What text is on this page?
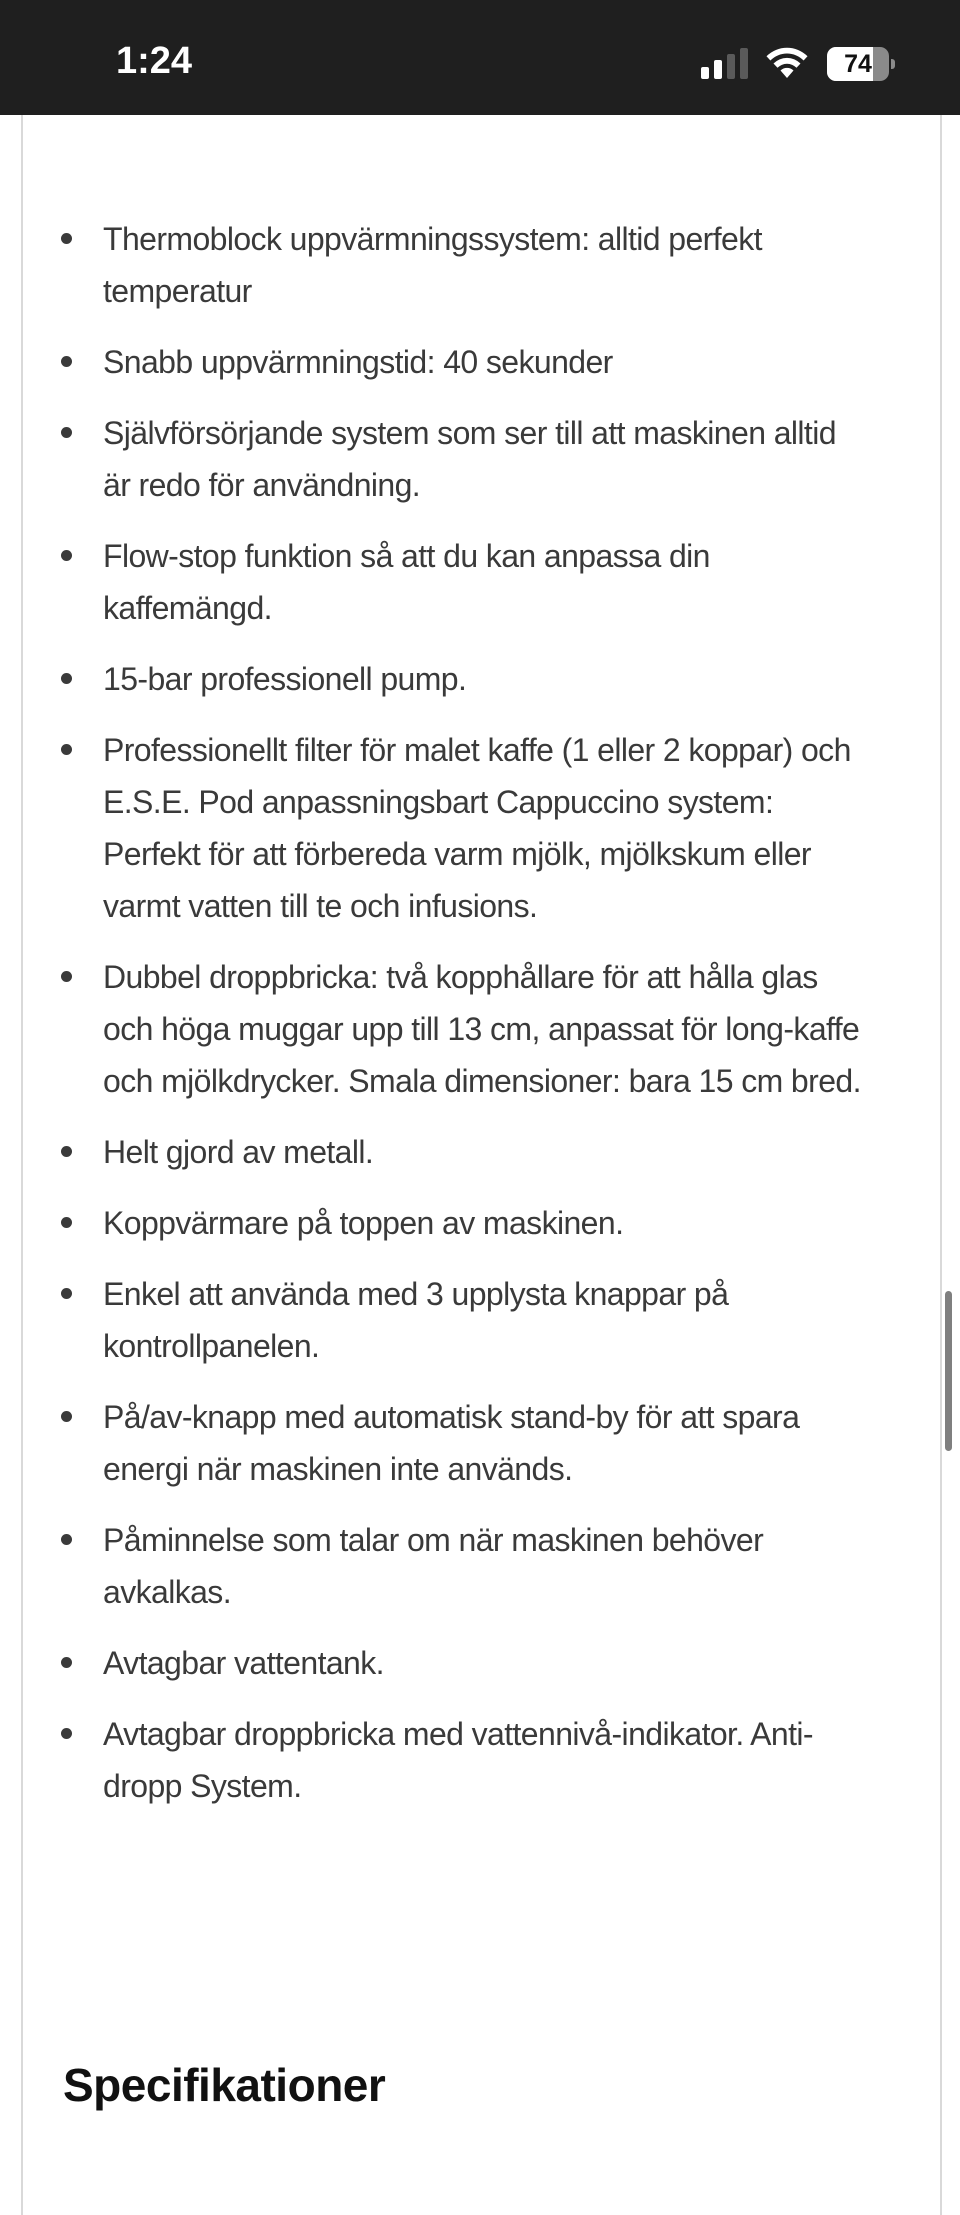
1:24	74
Thermoblock uppvärmningssystem: alltid perfekt temperatur
Snabb uppvärmningstid: 40 sekunder
Självförsörjande system som ser till att maskinen alltid är redo för användning.
Flow-stop funktion så att du kan anpassa din kaffemängd.
15-bar professionell pump.
Professionellt filter för malet kaffe (1 eller 2 koppar) och E.S.E. Pod anpassningsbart Cappuccino system: Perfekt för att förbereda varm mjölk, mjölkskum eller varmt vatten till te och infusions.
Dubbel droppbricka: två kopphållare för att hålla glas och höga muggar upp till 13 cm, anpassat för long-kaffe och mjölkdrycker. Smala dimensioner: bara 15 cm bred.
Helt gjord av metall.
Koppvärmare på toppen av maskinen.
Enkel att använda med 3 upplysta knappar på kontrollpanelen.
På/av-knapp med automatisk stand-by för att spara energi när maskinen inte används.
Påminnelse som talar om när maskinen behöver avkalkas.
Avtagbar vattentank.
Avtagbar droppbricka med vattennivå-indikator. Anti-dropp System.
Specifikationer
